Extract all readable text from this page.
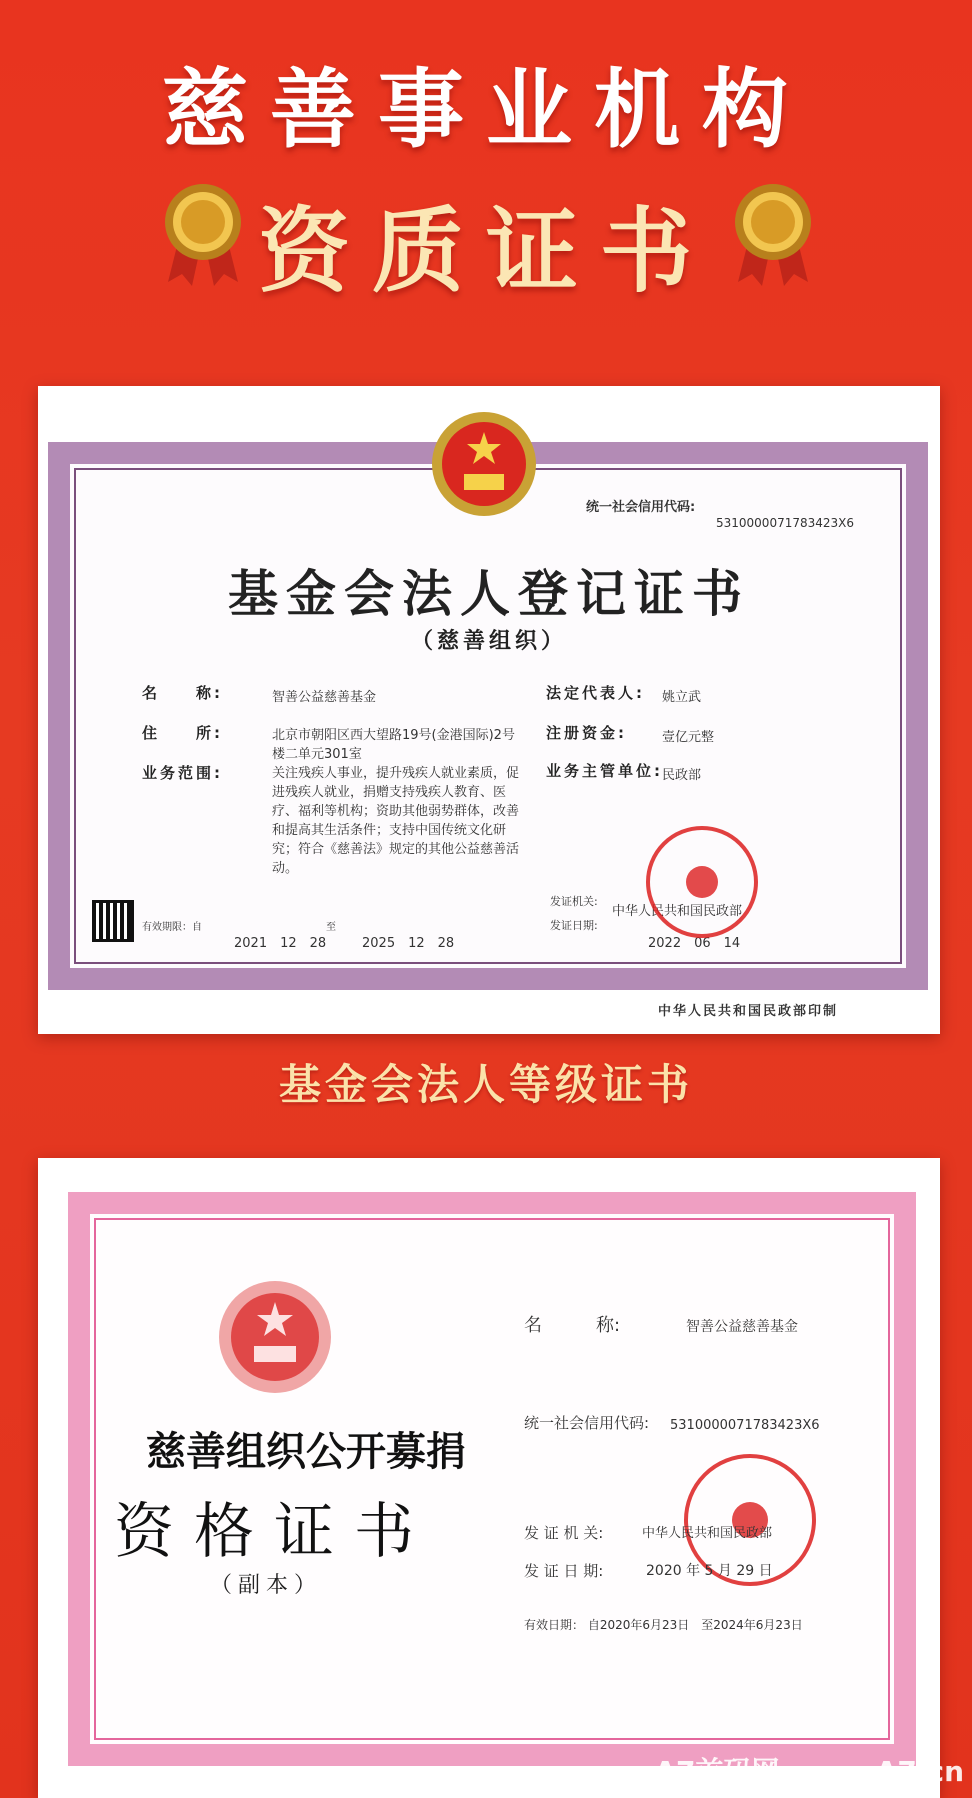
慈善事业机构
资质证书
统一社会信用代码:
5310000071783423X6
基金会法人登记证书
（慈善组织）
名　　称:	智善公益慈善基金
住　　所:	北京市朝阳区西大望路19号(金港国际)2号楼二单元301室
业务范围:	关注残疾人事业，提升残疾人就业素质，促进残疾人就业，捐赠支持残疾人教育、医疗、福利等机构；资助其他弱势群体，改善和提高其生活条件；支持中国传统文化研究；符合《慈善法》规定的其他公益慈善活动。
法定代表人: 姚立武
注册资金:	壹亿元整
业务主管单位: 民政部
有效期限：自
2021　12　28
至
2025　12　28
发证机关:
中华人民共和国民政部
发证日期:
2022　06　14
中华人民共和国民政部印制
基金会法人等级证书
慈善组织公开募捐
资格证书
（副本）
名　　　称:	智善公益慈善基金
统一社会信用代码: 5310000071783423X6
发 证 机 关:	中华人民共和国民政部
发 证 日 期:	2020 年 5 月 29 日
有效日期： 自2020年6月23日　至2024年6月23日
A7首码网 www.A7.cn
